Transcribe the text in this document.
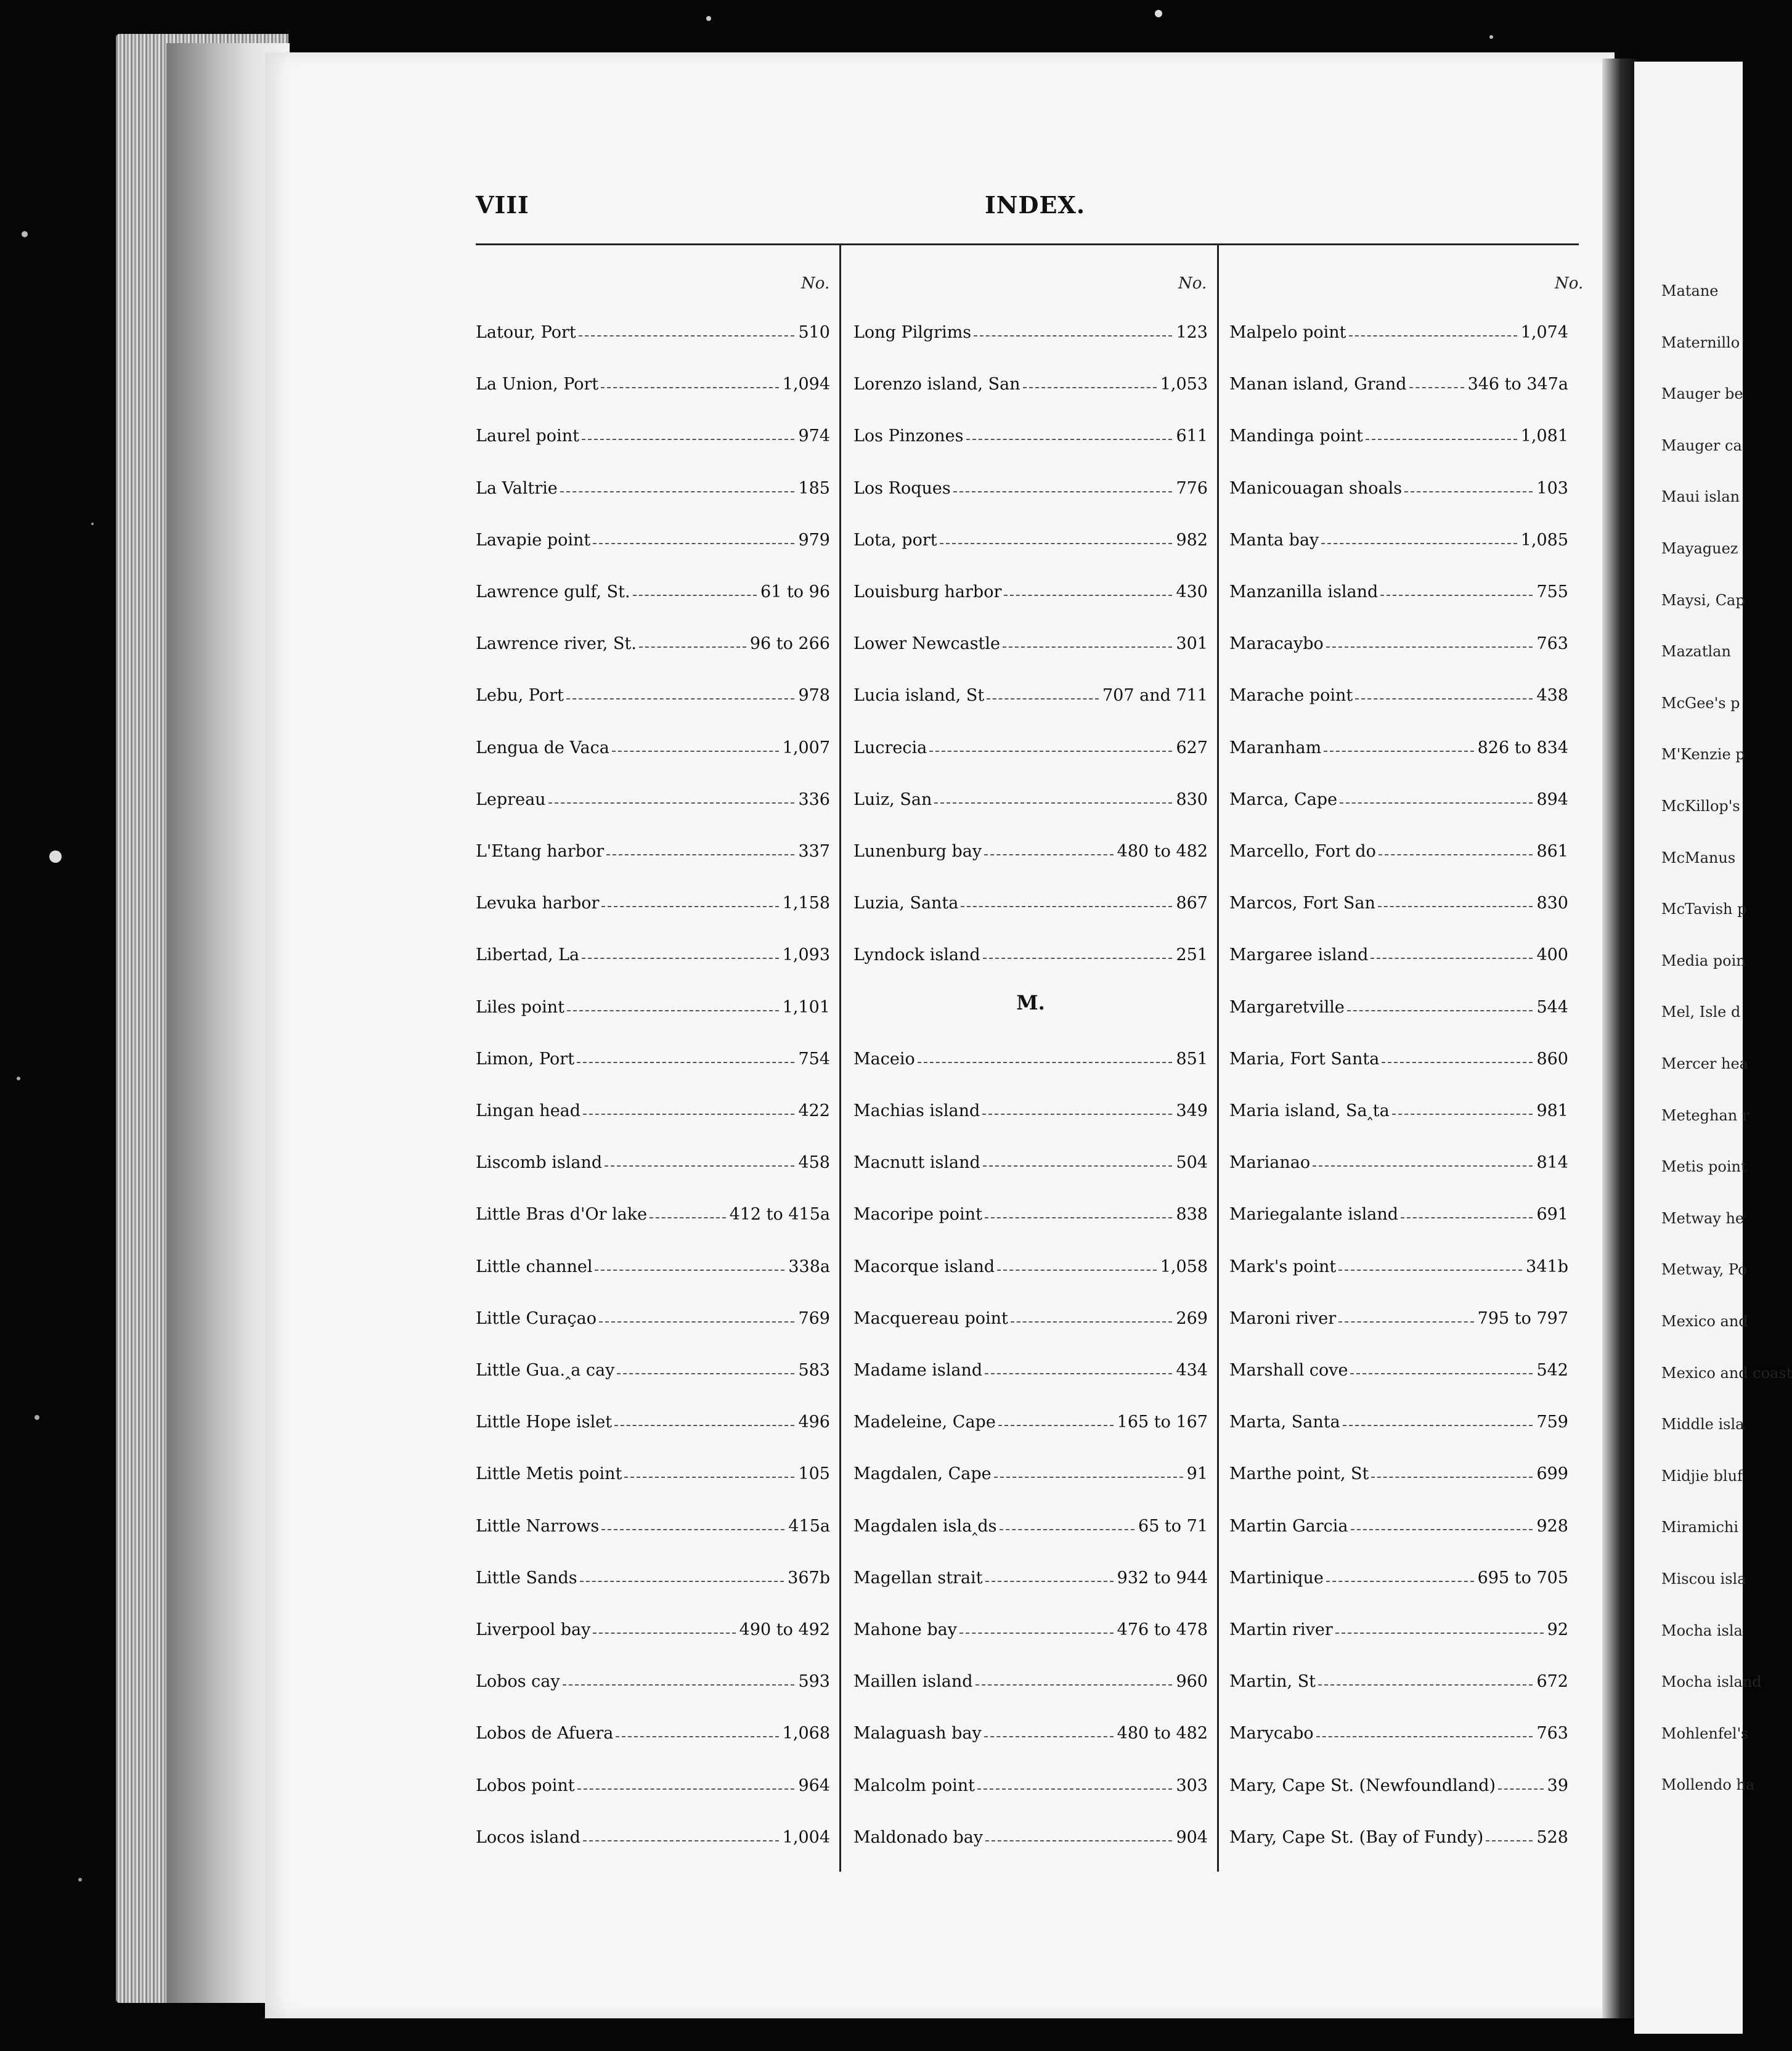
VIII	INDEX.
No.	No.	No.
Latour, Port	510
La Union, Port	1,094
Laurel point	974
La Valtrie	185
Lavapie point	979
Lawrence gulf, St.	61 to 96
Lawrence river, St.	96 to 266
Lebu, Port	978
Lengua de Vaca	1,007
Lepreau	336
L'Etang harbor	337
Levuka harbor	1,158
Libertad, La	1,093
Liles point	1,101
Limon, Port	754
Lingan head	422
Liscomb island	458
Little Bras d'Or lake	412 to 415a
Little channel	338a
Little Curaçao	769
Little Gua.‸a cay	583
Little Hope islet	496
Little Metis point	105
Little Narrows	415a
Little Sands	367b
Liverpool bay	490 to 492
Lobos cay	593
Lobos de Afuera	1,068
Lobos point	964
Locos island	1,004
Long Pilgrims	123
Lorenzo island, San	1,053
Los Pinzones	611
Los Roques	776
Lota, port	982
Louisburg harbor	430
Lower Newcastle	301
Lucia island, St	707 and 711
Lucrecia	627
Luiz, San	830
Lunenburg bay	480 to 482
Luzia, Santa	867
Lyndock island	251
M.
Maceio	851
Machias island	349
Macnutt island	504
Macoripe point	838
Macorque island	1,058
Macquereau point	269
Madame island	434
Madeleine, Cape	165 to 167
Magdalen, Cape	91
Magdalen isla‸ds	65 to 71
Magellan strait	932 to 944
Mahone bay	476 to 478
Maillen island	960
Malaguash bay	480 to 482
Malcolm point	303
Maldonado bay	904
Malpelo point	1,074
Manan island, Grand	346 to 347a
Mandinga point	1,081
Manicouagan shoals	103
Manta bay	1,085
Manzanilla island	755
Maracaybo	763
Marache point	438
Maranham	826 to 834
Marca, Cape	894
Marcello, Fort do	861
Marcos, Fort San	830
Margaree island	400
Margaretville	544
Maria, Fort Santa	860
Maria island, Sa‸ta	981
Marianao	814
Mariegalante island	691
Mark's point	341b
Maroni river	795 to 797
Marshall cove	542
Marta, Santa	759
Marthe point, St	699
Martin Garcia	928
Martinique	695 to 705
Martin river	92
Martin, St	672
Marycabo	763
Mary, Cape St. (Newfoundland)	39
Mary, Cape St. (Bay of Fundy)	528
Matane
Maternillo
Mauger be
Mauger ca
Maui islan
Mayaguez
Maysi, Cap
Mazatlan
McGee's p
M'Kenzie p
McKillop's
McManus
McTavish p
Media poin
Mel, Isle d
Mercer hea
Meteghan r
Metis point
Metway he
Metway, Po
Mexico and
Mexico and coast
Middle isla
Midjie bluf
Miramichi
Miscou isla
Mocha isla
Mocha island
Mohlenfel's
Mollendo ha
